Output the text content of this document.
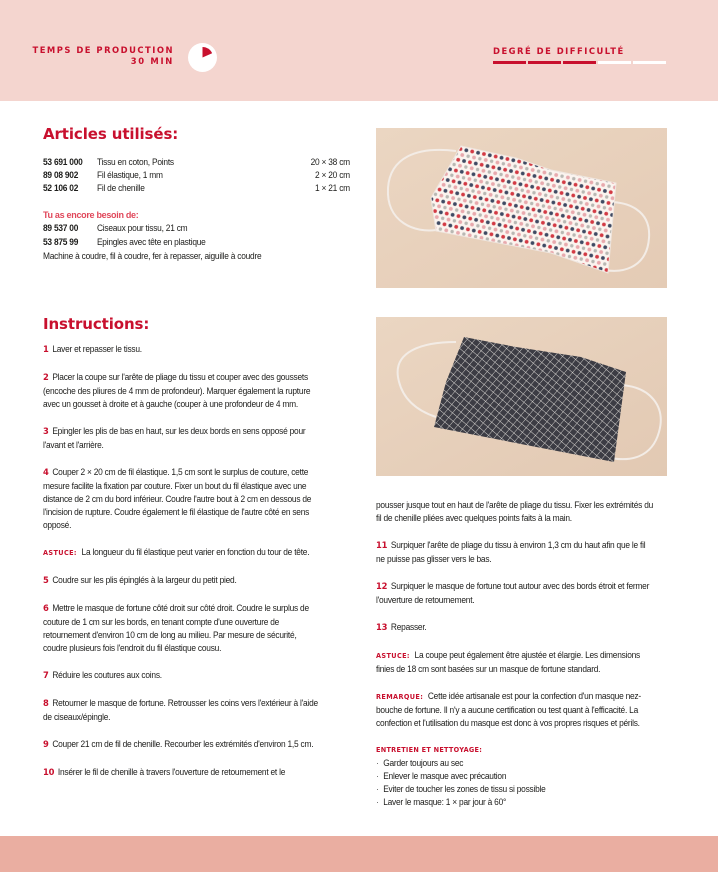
TEMPS DE PRODUCTION
30 MIN
DEGRÉ DE DIFFICULTÉ
Articles utilisés:
53 691 000	Tissu en coton, Points	20 × 38 cm
89 08 902	Fil élastique, 1 mm	2 × 20 cm
52 106 02	Fil de chenille	1 × 21 cm
Tu as encore besoin de:
89 537 00	Ciseaux pour tissu, 21 cm
53 875 99	Epingles avec tête en plastique
Machine à coudre, fil à coudre, fer à repasser, aiguille à coudre
Instructions:
1 Laver et repasser le tissu.
2 Placer la coupe sur l'arête de pliage du tissu et couper avec des goussets (encoche des pliures de 4 mm de profondeur). Marquer également la rupture avec un gousset à droite et à gauche (couper à une profondeur de 4 mm.
3 Epingler les plis de bas en haut, sur les deux bords en sens opposé pour l'avant et l'arrière.
4 Couper 2 × 20 cm de fil élastique. 1,5 cm sont le surplus de couture, cette mesure facilite la fixation par couture. Fixer un bout du fil élastique avec une distance de 2 cm du bord inférieur. Coudre l'autre bout à 2 cm en dessous de l'incision de rupture. Coudre également le fil élastique de l'autre côté en sens opposé.
ASTUCE: La longueur du fil élastique peut varier en fonction du tour de tête.
5 Coudre sur les plis épinglés à la largeur du petit pied.
6 Mettre le masque de fortune côté droit sur côté droit. Coudre le surplus de couture de 1 cm sur les bords, en tenant compte d'une ouverture de retournement d'environ 10 cm de long au milieu. Par mesure de sécurité, coudre plusieurs fois l'endroit du fil élastique cousu.
7 Réduire les coutures aux coins.
8 Retourner le masque de fortune. Retrousser les coins vers l'extérieur à l'aide de ciseaux/épingle.
9 Couper 21 cm de fil de chenille. Recourber les extrémités d'environ 1,5 cm.
10 Insérer le fil de chenille à travers l'ouverture de retournement et le
pousser jusque tout en haut de l'arête de pliage du tissu. Fixer les extrémités du fil de chenille pliées avec quelques points faits à la main.
11 Surpiquer l'arête de pliage du tissu à environ 1,3 cm du haut afin que le fil ne puisse pas glisser vers le bas.
12 Surpiquer le masque de fortune tout autour avec des bords étroit et fermer l'ouverture de retournement.
13 Repasser.
ASTUCE: La coupe peut également être ajustée et élargie. Les dimensions finies de 18 cm sont basées sur un masque de fortune standard.
REMARQUE: Cette idée artisanale est pour la confection d'un masque nez-bouche de fortune. Il n'y a aucune certification ou test quant à l'efficacité. La confection et l'utilisation du masque est donc à vos propres risques et périls.
ENTRETIEN ET NETTOYAGE:
· Garder toujours au sec
· Enlever le masque avec précaution
· Eviter de toucher les zones de tissu si possible
· Laver le masque: 1 × par jour à 60°
